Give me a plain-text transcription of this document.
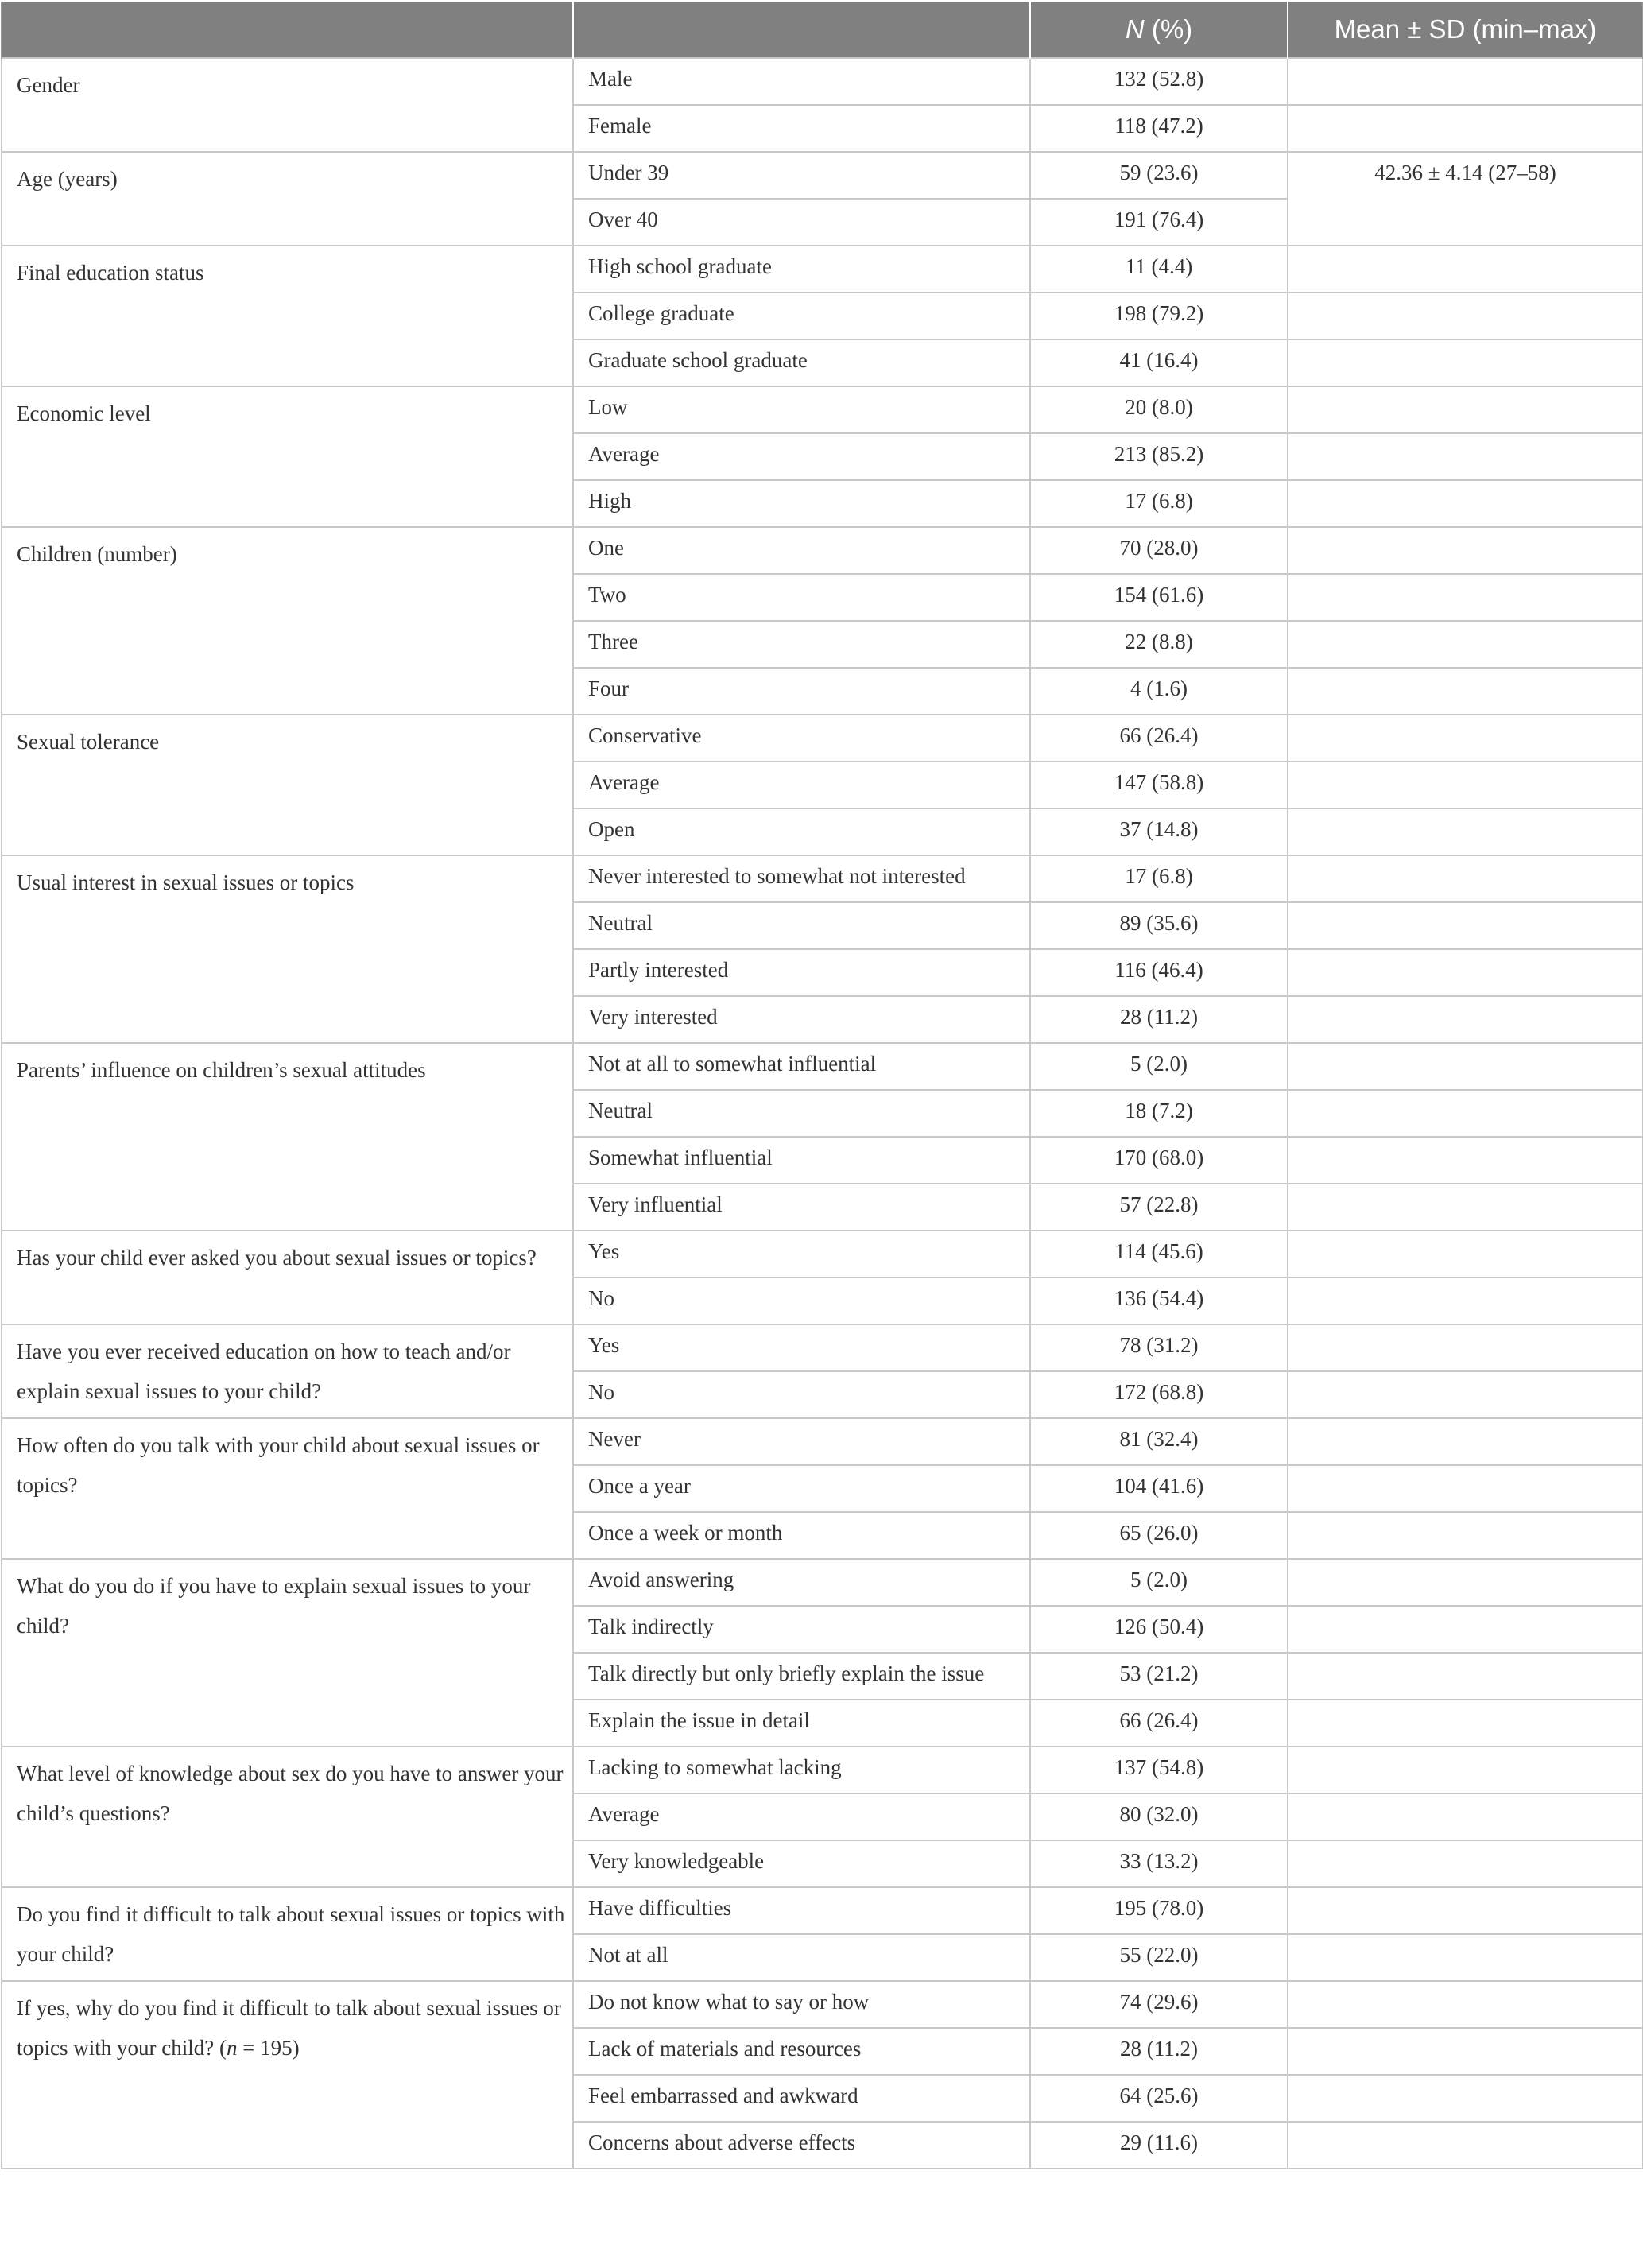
		N (%)	Mean ± SD (min–max)
Gender	Male	132 (52.8)	
	Female	118 (47.2)	
Age (years)	Under 39	59 (23.6)	42.36 ± 4.14 (27–58)
	Over 40	191 (76.4)	
Final education status	High school graduate	11 (4.4)	
	College graduate	198 (79.2)	
	Graduate school graduate	41 (16.4)	
Economic level	Low	20 (8.0)	
	Average	213 (85.2)	
	High	17 (6.8)	
Children (number)	One	70 (28.0)	
	Two	154 (61.6)	
	Three	22 (8.8)	
	Four	4 (1.6)	
Sexual tolerance	Conservative	66 (26.4)	
	Average	147 (58.8)	
	Open	37 (14.8)	
Usual interest in sexual issues or topics	Never interested to somewhat not interested	17 (6.8)	
	Neutral	89 (35.6)	
	Partly interested	116 (46.4)	
	Very interested	28 (11.2)	
Parents’ influence on children’s sexual attitudes	Not at all to somewhat influential	5 (2.0)	
	Neutral	18 (7.2)	
	Somewhat influential	170 (68.0)	
	Very influential	57 (22.8)	
Has your child ever asked you about sexual issues or topics?	Yes	114 (45.6)	
	No	136 (54.4)	
Have you ever received education on how to teach and/or explain sexual issues to your child?	Yes	78 (31.2)	
	No	172 (68.8)	
How often do you talk with your child about sexual issues or topics?	Never	81 (32.4)	
	Once a year	104 (41.6)	
	Once a week or month	65 (26.0)	
What do you do if you have to explain sexual issues to your child?	Avoid answering	5 (2.0)	
	Talk indirectly	126 (50.4)	
	Talk directly but only briefly explain the issue	53 (21.2)	
	Explain the issue in detail	66 (26.4)	
What level of knowledge about sex do you have to answer your child’s questions?	Lacking to somewhat lacking	137 (54.8)	
	Average	80 (32.0)	
	Very knowledgeable	33 (13.2)	
Do you find it difficult to talk about sexual issues or topics with your child?	Have difficulties	195 (78.0)	
	Not at all	55 (22.0)	
If yes, why do you find it difficult to talk about sexual issues or topics with your child? (n = 195)	Do not know what to say or how	74 (29.6)	
	Lack of materials and resources	28 (11.2)	
	Feel embarrassed and awkward	64 (25.6)	
	Concerns about adverse effects	29 (11.6)	
